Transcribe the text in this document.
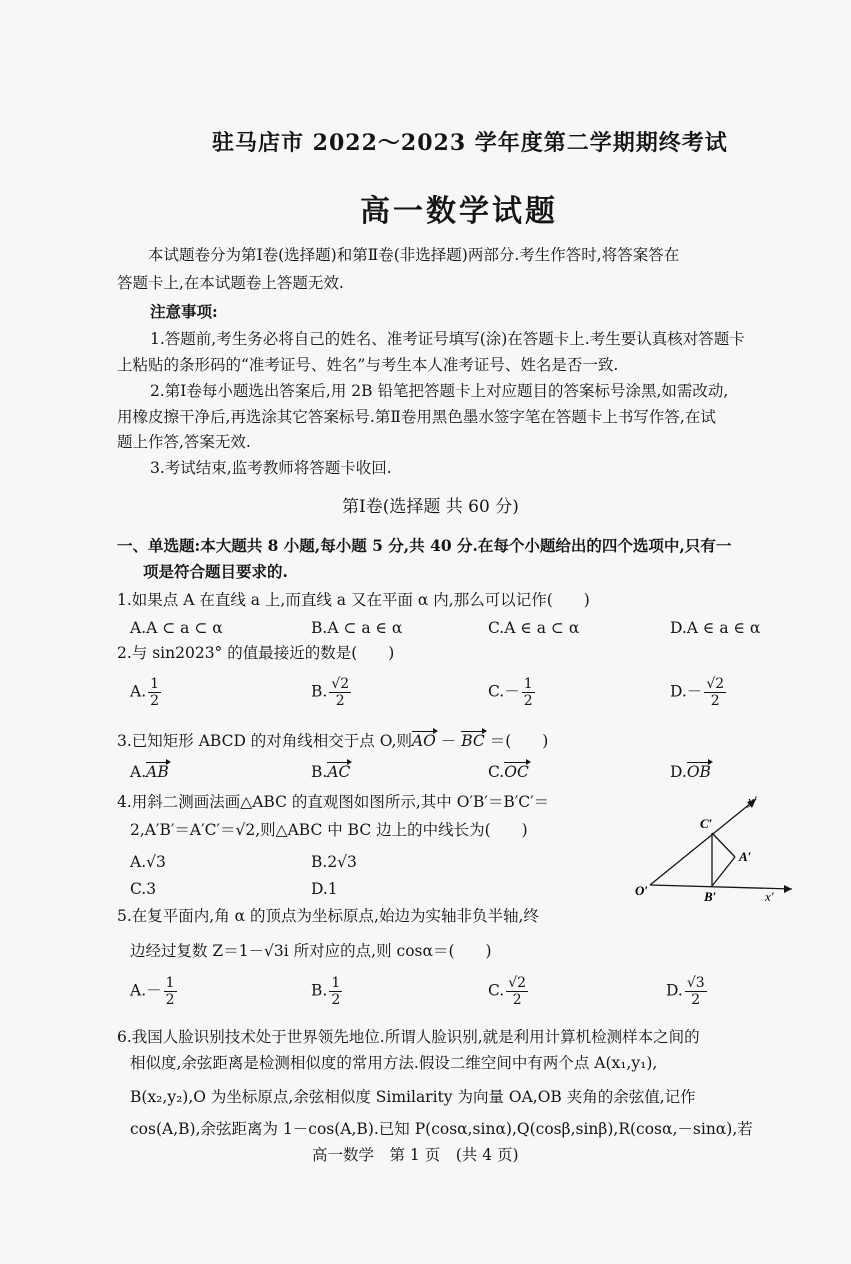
驻马店市 2022～2023 学年度第二学期期终考试
高一数学试题
本试题卷分为第Ⅰ卷(选择题)和第Ⅱ卷(非选择题)两部分.考生作答时,将答案答在
答题卡上,在本试题卷上答题无效.
注意事项:
1.答题前,考生务必将自己的姓名、准考证号填写(涂)在答题卡上.考生要认真核对答题卡
上粘贴的条形码的“准考证号、姓名”与考生本人准考证号、姓名是否一致.
2.第Ⅰ卷每小题选出答案后,用 2B 铅笔把答题卡上对应题目的答案标号涂黑,如需改动,
用橡皮擦干净后,再选涂其它答案标号.第Ⅱ卷用黑色墨水签字笔在答题卡上书写作答,在试
题上作答,答案无效.
3.考试结束,监考教师将答题卡收回.
第Ⅰ卷(选择题 共 60 分)
一、单选题:本大题共 8 小题,每小题 5 分,共 40 分.在每个小题给出的四个选项中,只有一
项是符合题目要求的.
1.如果点 A 在直线 a 上,而直线 a 又在平面 α 内,那么可以记作(　　)
A.A ⊂ a ⊂ α	B.A ⊂ a ∈ α	C.A ∈ a ⊂ α	D.A ∈ a ∈ α
2.与 sin2023° 的值最接近的数是(　　)
A. $\frac{1}{2}$	B. $\frac{√2}{2}$	$C.- \frac{1}{2}$	$D.- \frac{√2}{2}$
3.已知矩形 ABCD 的对角线相交于点 O,则AO － BC ＝(　　)
A.AB	B.AC	C.OC	D.OB
4.用斜二测画法画△ABC 的直观图如图所示,其中 O′B′＝B′C′＝
2,A′B′＝A′C′＝√2,则△ABC 中 BC 边上的中线长为(　　)
A.√3	B.2√3
C.3	D.1
y′
C′
A′
O′	B′	x′
5.在复平面内,角 α 的顶点为坐标原点,始边为实轴非负半轴,终
边经过复数 Z＝1－√3i 所对应的点,则 cosα＝(　　)
$A.- \frac{1}{2}$	B. $\frac{1}{2}$	C. $\frac{√2}{2}$	D. $\frac{√3}{2}$
6.我国人脸识别技术处于世界领先地位.所谓人脸识别,就是利用计算机检测样本之间的
相似度,余弦距离是检测相似度的常用方法.假设二维空间中有两个点 A(x₁,y₁),
B(x₂,y₂),O 为坐标原点,余弦相似度 Similarity 为向量 OA,OB 夹角的余弦值,记作
cos(A,B),余弦距离为 1－cos(A,B).已知 P(cosα,sinα),Q(cosβ,sinβ),R(cosα,－sinα),若
高一数学　第 1 页　(共 4 页)
